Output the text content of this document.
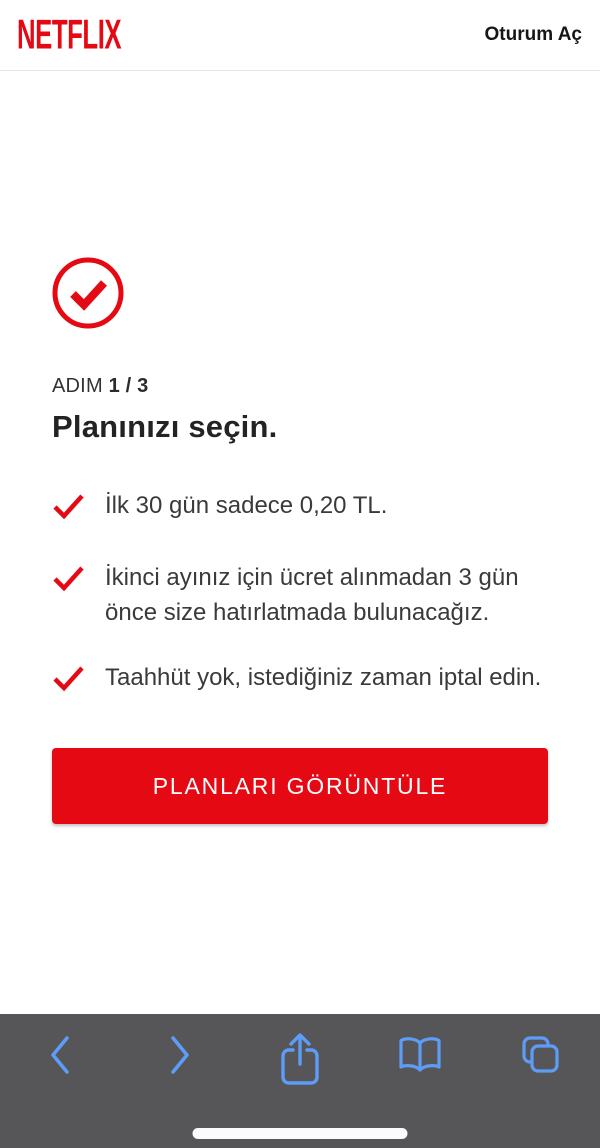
NETFLIX	Oturum Aç
ADIM 1 / 3
Planınızı seçin.
İlk 30 gün sadece 0,20 TL.
İkinci ayınız için ücret alınmadan 3 gün önce size hatırlatmada bulunacağız.
Taahhüt yok, istediğiniz zaman iptal edin.
PLANLARI GÖRÜNTÜLE
